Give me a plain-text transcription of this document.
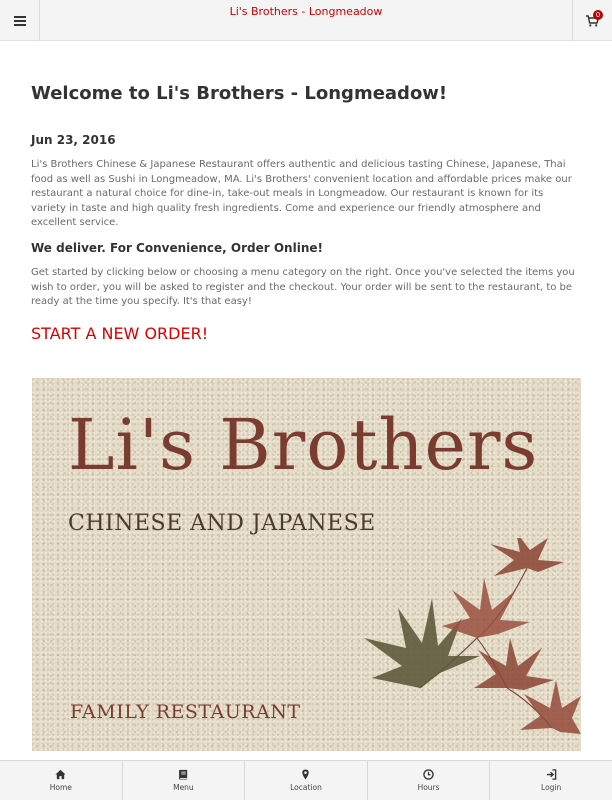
Li's Brothers - Longmeadow	0
Welcome to Li's Brothers - Longmeadow!
Jun 23, 2016

Li's Brothers Chinese & Japanese Restaurant offers authentic and delicious tasting Chinese, Japanese, Thai food as well as Sushi in Longmeadow, MA. Li's Brothers' convenient location and affordable prices make our restaurant a natural choice for dine-in, take-out meals in Longmeadow. Our restaurant is known for its variety in taste and high quality fresh ingredients. Come and experience our friendly atmosphere and excellent service.

We deliver. For Convenience, Order Online!

Get started by clicking below or choosing a menu category on the right. Once you've selected the items you wish to order, you will be asked to register and the checkout. Your order will be sent to the restaurant, to be ready at the time you specify. It's that easy!

START A NEW ORDER!
Li's Brothers
CHINESE AND JAPANESE
FAMILY RESTAURANT
Home	Menu	Location	Hours	Login
